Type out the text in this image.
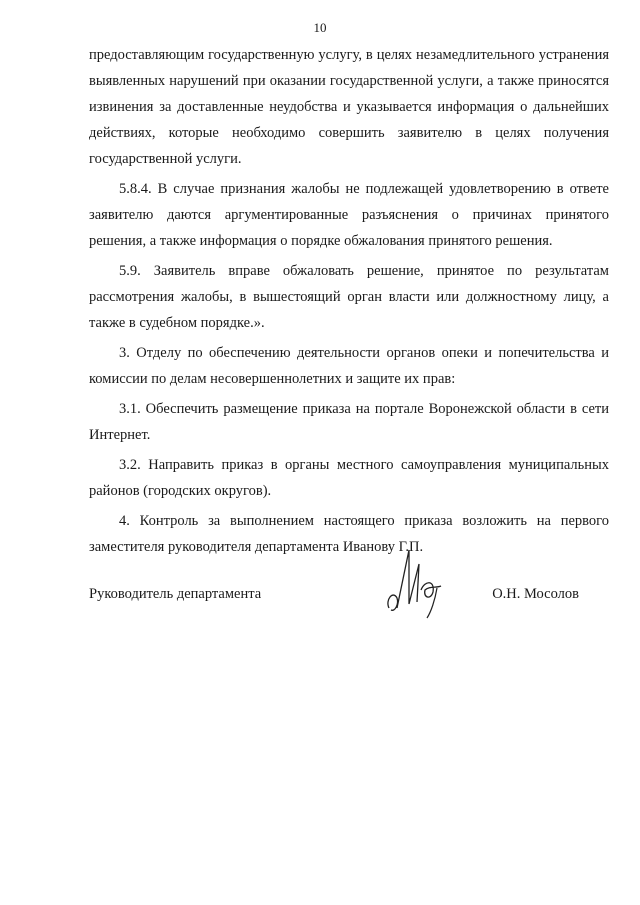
10

предоставляющим государственную услугу, в целях незамедлительного устранения выявленных нарушений при оказании государственной услуги, а также приносятся извинения за доставленные неудобства и указывается информация о дальнейших действиях, которые необходимо совершить заявителю в целях получения государственной услуги.

5.8.4. В случае признания жалобы не подлежащей удовлетворению в ответе заявителю даются аргументированные разъяснения о причинах принятого решения, а также информация о порядке обжалования принятого решения.

5.9. Заявитель вправе обжаловать решение, принятое по результатам рассмотрения жалобы, в вышестоящий орган власти или должностному лицу, а также в судебном порядке.».

3. Отделу по обеспечению деятельности органов опеки и попечительства и комиссии по делам несовершеннолетних и защите их прав:

3.1. Обеспечить размещение приказа на портале Воронежской области в сети Интернет.

3.2. Направить приказ в органы местного самоуправления муниципальных районов (городских округов).

4. Контроль за выполнением настоящего приказа возложить на первого заместителя руководителя департамента Иванову Г.П.

Руководитель департамента	О.Н. Мосолов
